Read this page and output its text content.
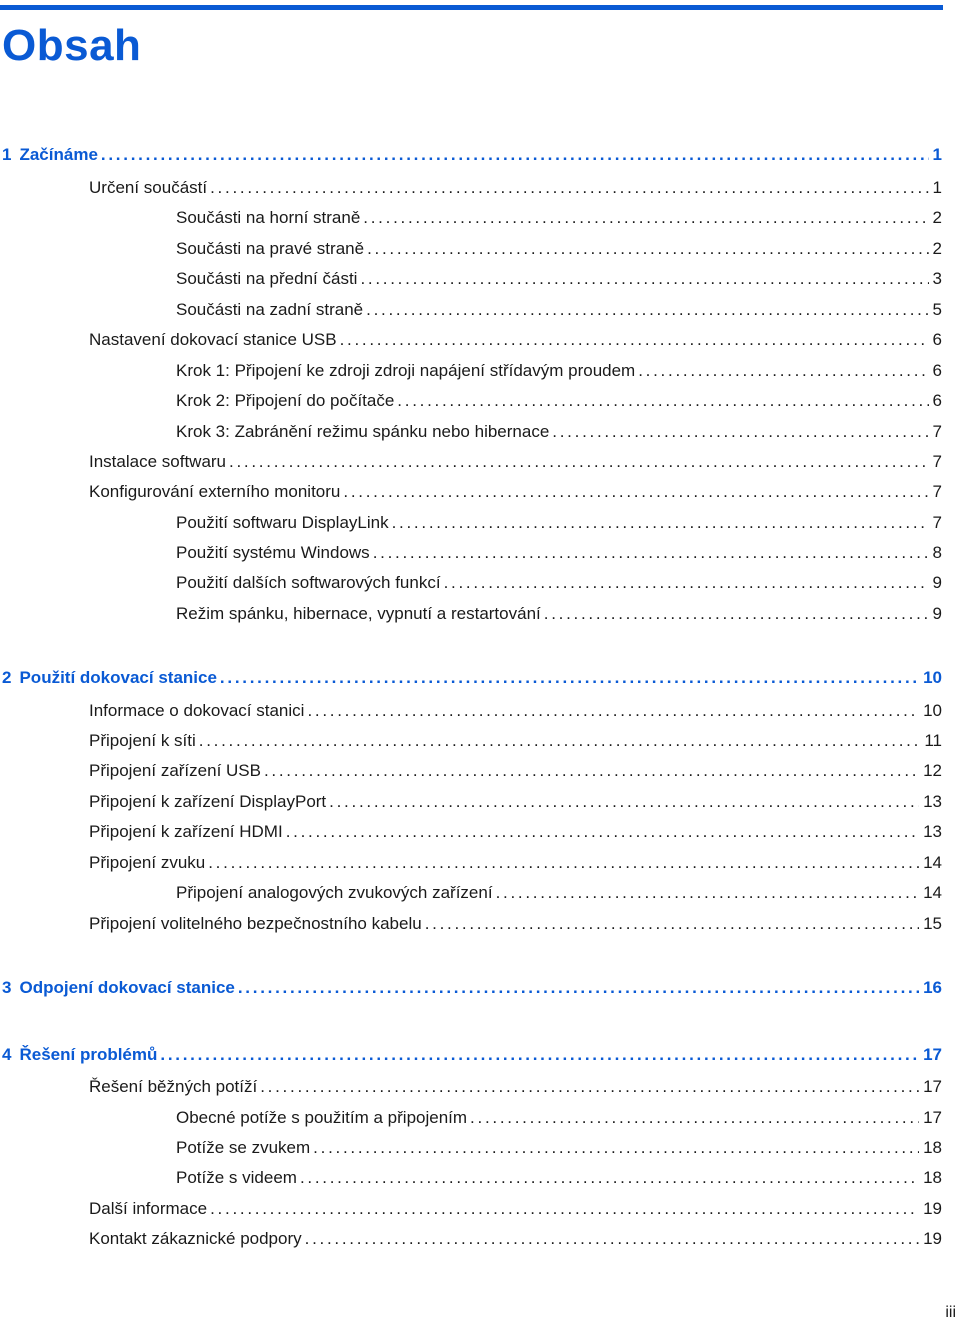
Obsah
1 Začínáme . . .	1
Určení součástí . . .	1
Součásti na horní straně . . .	2
Součásti na pravé straně . . .	2
Součásti na přední části . . .	3
Součásti na zadní straně . . .	5
Nastavení dokovací stanice USB . . .	6
Krok 1: Připojení ke zdroji zdroji napájení střídavým proudem . . .	6
Krok 2: Připojení do počítače . . .	6
Krok 3: Zabránění režimu spánku nebo hibernace . . .	7
Instalace softwaru . . .	7
Konfigurování externího monitoru . . .	7
Použití softwaru DisplayLink . . .	7
Použití systému Windows . . .	8
Použití dalších softwarových funkcí . . .	9
Režim spánku, hibernace, vypnutí a restartování . . .	9
2 Použití dokovací stanice . . .	10
Informace o dokovací stanici . . .	10
Připojení k síti . . .	11
Připojení zařízení USB . . .	12
Připojení k zařízení DisplayPort . . .	13
Připojení k zařízení HDMI . . .	13
Připojení zvuku . . .	14
Připojení analogových zvukových zařízení . . .	14
Připojení volitelného bezpečnostního kabelu . . .	15
3 Odpojení dokovací stanice . . .	16
4 Řešení problémů . . .	17
Řešení běžných potíží . . .	17
Obecné potíže s použitím a připojením . . .	17
Potíže se zvukem . . .	18
Potíže s videem . . .	18
Další informace . . .	19
Kontakt zákaznické podpory . . .	19
iii
